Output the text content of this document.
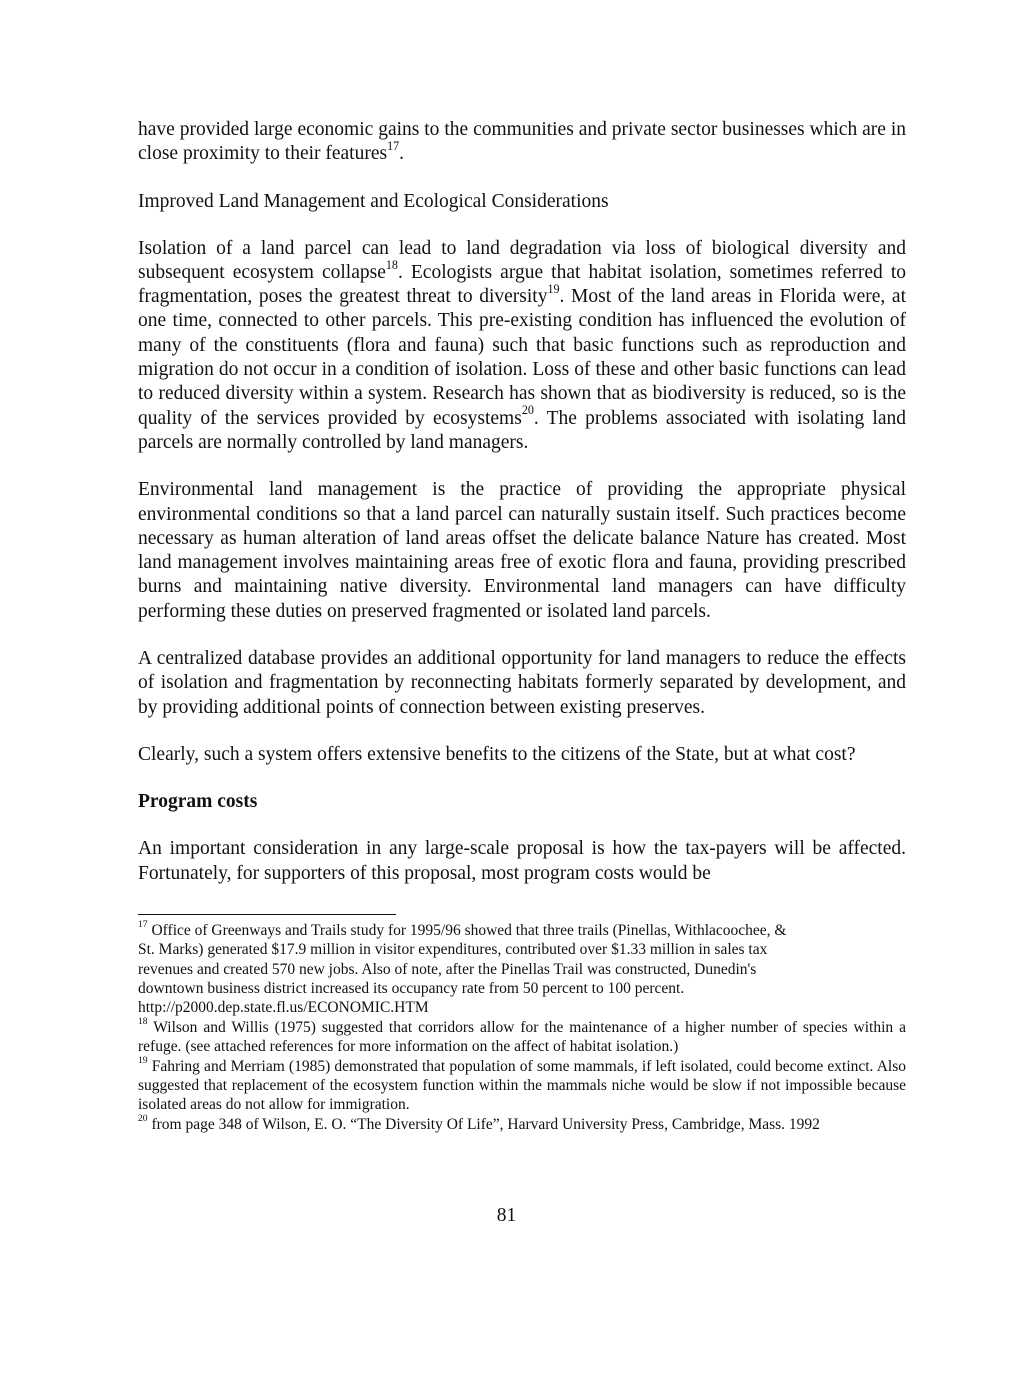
have provided large economic gains to the communities and private sector businesses which are in close proximity to their features$^{17}$.

Improved Land Management and Ecological Considerations

Isolation of a land parcel can lead to land degradation via loss of biological diversity and subsequent ecosystem collapse$^{18}$. Ecologists argue that habitat isolation, sometimes referred to fragmentation, poses the greatest threat to diversity$^{19}$. Most of the land areas in Florida were, at one time, connected to other parcels. This pre-existing condition has influenced the evolution of many of the constituents (flora and fauna) such that basic functions such as reproduction and migration do not occur in a condition of isolation. Loss of these and other basic functions can lead to reduced diversity within a system. Research has shown that as biodiversity is reduced, so is the quality of the services provided by ecosystems$^{20}$. The problems associated with isolating land parcels are normally controlled by land managers.

Environmental land management is the practice of providing the appropriate physical environmental conditions so that a land parcel can naturally sustain itself. Such practices become necessary as human alteration of land areas offset the delicate balance Nature has created. Most land management involves maintaining areas free of exotic flora and fauna, providing prescribed burns and maintaining native diversity. Environmental land managers can have difficulty performing these duties on preserved fragmented or isolated land parcels.

A centralized database provides an additional opportunity for land managers to reduce the effects of isolation and fragmentation by reconnecting habitats formerly separated by development, and by providing additional points of connection between existing preserves.

Clearly, such a system offers extensive benefits to the citizens of the State, but at what cost?

Program costs

An important consideration in any large-scale proposal is how the tax-payers will be affected. Fortunately, for supporters of this proposal, most program costs would be

$^{17}$ Office of Greenways and Trails study for 1995/96 showed that three trails (Pinellas, Withlacoochee, &
St. Marks) generated $17.9 million in visitor expenditures, contributed over $1.33 million in sales tax
revenues and created 570 new jobs. Also of note, after the Pinellas Trail was constructed, Dunedin's
downtown business district increased its occupancy rate from 50 percent to 100 percent.
http://p2000.dep.state.fl.us/ECONOMIC.HTM

$^{18}$ Wilson and Willis (1975) suggested that corridors allow for the maintenance of a higher number of species within a refuge. (see attached references for more information on the affect of habitat isolation.)

$^{19}$ Fahring and Merriam (1985) demonstrated that population of some mammals, if left isolated, could become extinct. Also suggested that replacement of the ecosystem function within the mammals niche would be slow if not impossible because isolated areas do not allow for immigration.

$^{20}$ from page 348 of Wilson, E. O. “The Diversity Of Life”, Harvard University Press, Cambridge, Mass. 1992

81
